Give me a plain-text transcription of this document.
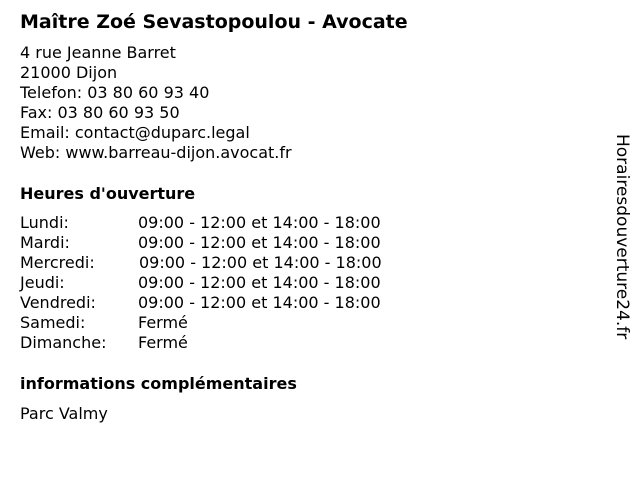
Maître Zoé Sevastopoulou - Avocate
4 rue Jeanne Barret
21000 Dijon
Telefon: 03 80 60 93 40
Fax: 03 80 60 93 50
Email: contact@duparc.legal
Web: www.barreau-dijon.avocat.fr
Heures d'ouverture
Lundi:	09:00 - 12:00 et 14:00 - 18:00
Mardi:	09:00 - 12:00 et 14:00 - 18:00
Mercredi:	09:00 - 12:00 et 14:00 - 18:00
Jeudi:	09:00 - 12:00 et 14:00 - 18:00
Vendredi:	09:00 - 12:00 et 14:00 - 18:00
Samedi:	Fermé
Dimanche: Fermé
informations complémentaires
Parc Valmy
Horairesdouverture24.fr
